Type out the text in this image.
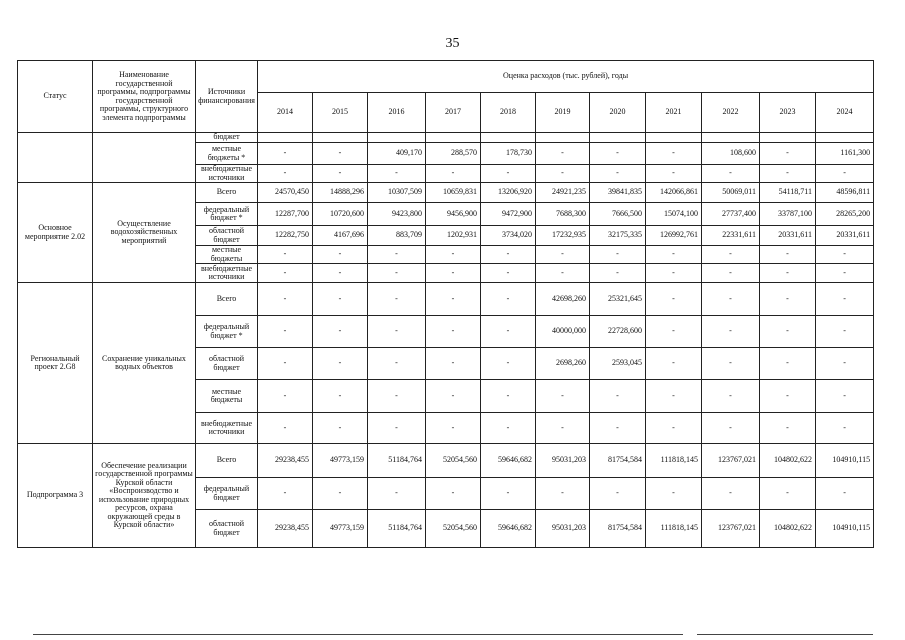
35
Статус	Наименование государственной программы, подпрограммы государственной программы, структурного элемента подпрограммы	Источники финансирования	Оценка расходов (тыс. рублей), годы										
			2014	2015	2016	2017	2018	2019	2020	2021	2022	2023	2024
		бюджет											
		местные бюджеты *	-	-	409,170	288,570	178,730	-	-	-	108,600	-	1161,300
		внебюджетные источники	-	-	-	-	-	-	-	-	-	-	-
Основное мероприятие 2.02	Осуществление водохозяйственных мероприятий	Всего	24570,450	14888,296	10307,509	10659,831	13206,920	24921,235	39841,835	142066,861	50069,011	54118,711	48596,811
		федеральный бюджет *	12287,700	10720,600	9423,800	9456,900	9472,900	7688,300	7666,500	15074,100	27737,400	33787,100	28265,200
		областной бюджет	12282,750	4167,696	883,709	1202,931	3734,020	17232,935	32175,335	126992,761	22331,611	20331,611	20331,611
		местные бюджеты	-	-	-	-	-	-	-	-	-	-	-
		внебюджетные источники	-	-	-	-	-	-	-	-	-	-	-
Региональный проект 2.G8	Сохранение уникальных водных объектов	Всего	-	-	-	-	-	42698,260	25321,645	-	-	-	-
		федеральный бюджет *	-	-	-	-	-	40000,000	22728,600	-	-	-	-
		областной бюджет	-	-	-	-	-	2698,260	2593,045	-	-	-	-
		местные бюджеты	-	-	-	-	-	-	-	-	-	-	-
		внебюджетные источники	-	-	-	-	-	-	-	-	-	-	-
Подпрограмма 3	Обеспечение реализации государственной программы Курской области «Воспроизводство и использование природных ресурсов, охрана окружающей среды в Курской области»	Всего	29238,455	49773,159	51184,764	52054,560	59646,682	95031,203	81754,584	111818,145	123767,021	104802,622	104910,115
		федеральный бюджет	-	-	-	-	-	-	-	-	-	-	-
		областной бюджет	29238,455	49773,159	51184,764	52054,560	59646,682	95031,203	81754,584	111818,145	123767,021	104802,622	104910,115
